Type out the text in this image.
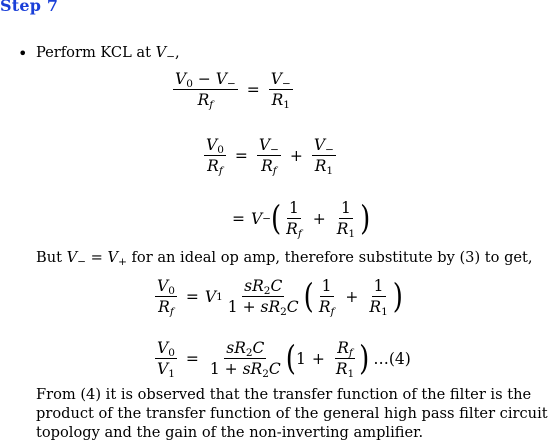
Step 7
• Perform KCL at $V_-$,
$\frac{V_0 - V_-}{R_f} = \frac{V_-}{R_1}$
$\frac{V_0}{R_f} = \frac{V_-}{R_f} + \frac{V_-}{R_1}$
= V − ( $\frac{1}{R_f} + \frac{1}{R_1}$ )
But $V_- = V_+$ for an ideal op amp, therefore substitute by (3) to get,
$\frac{V_0}{R_f} = V$ $1 \frac{sR_2C}{1 + sR_2C}$ ( $\frac{1}{R_f} + \frac{1}{R_1}$ )
$\frac{V_0}{V_1} = \frac{sR_2C}{1 + sR_2C}$ ( $1 + \frac{R_f}{R_1}$ ) … (4)
From (4) it is observed that the transfer function of the filter is the
product of the transfer function of the general high pass filter circuit
topology and the gain of the non-inverting amplifier.
